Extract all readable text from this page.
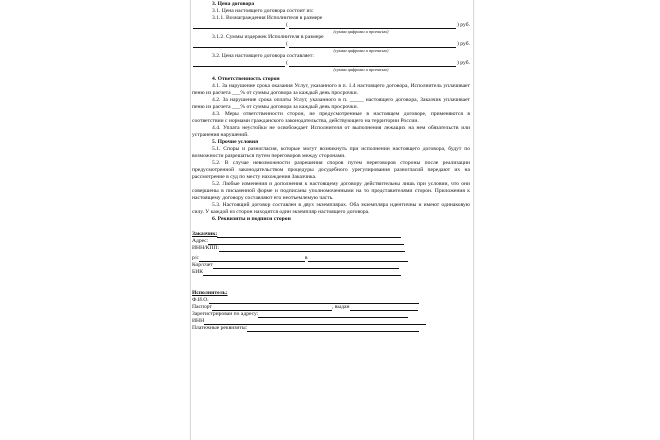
3. Цена договора
3.1. Цена настоящего договора состоит из:
3.1.1. Вознаграждения Исполнителя в размере
(	) руб.
(сумма цифрами и прописью)
3.1.2. Суммы издержек Исполнителя в размере
(	) руб.
(сумма цифрами и прописью)
3.2. Цена настоящего договора составляет:
(	) руб.
(сумма цифрами и прописью)
4. Ответственность сторон
4.1. За нарушение срока оказания Услуг, указанного в п. 1.4 настоящего договора, Исполнитель уплачивает пеню из расчета ___% от суммы договора за каждый день просрочки.
4.2. За нарушение срока оплаты Услуг, указанного в п. _____ настоящего договора, Заказчик уплачивает пеню из расчета ___% от суммы договора за каждый день просрочки.
4.3. Меры ответственности сторон, не предусмотренные в настоящем договоре, применяются в соответствии с нормами гражданского законодательства, действующего на территории России.
4.4. Уплата неустойки не освобождает Исполнителя от выполнения лежащих на нем обязательств или устранения нарушений.
5. Прочие условия
5.1. Споры и разногласия, которые могут возникнуть при исполнении настоящего договора, будут по возможности разрешаться путем переговоров между сторонами.
5.2. В случае невозможности разрешения споров путем переговоров стороны после реализации предусмотренной законодательством процедуры досудебного урегулирования разногласий передают их на рассмотрение в суд по месту нахождения Заказчика.
5.2. Любые изменения и дополнения к настоящему договору действительны лишь при условии, что они совершены в письменной форме и подписаны уполномоченными на то представителями сторон. Приложения к настоящему договору составляют его неотъемлемую часть.
5.3. Настоящий договор составлен в двух экземплярах. Оба экземпляра идентичны и имеют одинаковую силу. У каждой из сторон находится один экземпляр настоящего договора.
6. Реквизиты и подписи сторон
Заказчик:
Адрес:
ИНН/КПП:
р/с	в
Кор/счет
БИК
Исполнитель:
Ф.И.О.
Паспорт	, выдан
Зарегистрирован по адресу:
ИНН
Платежные реквизиты:
